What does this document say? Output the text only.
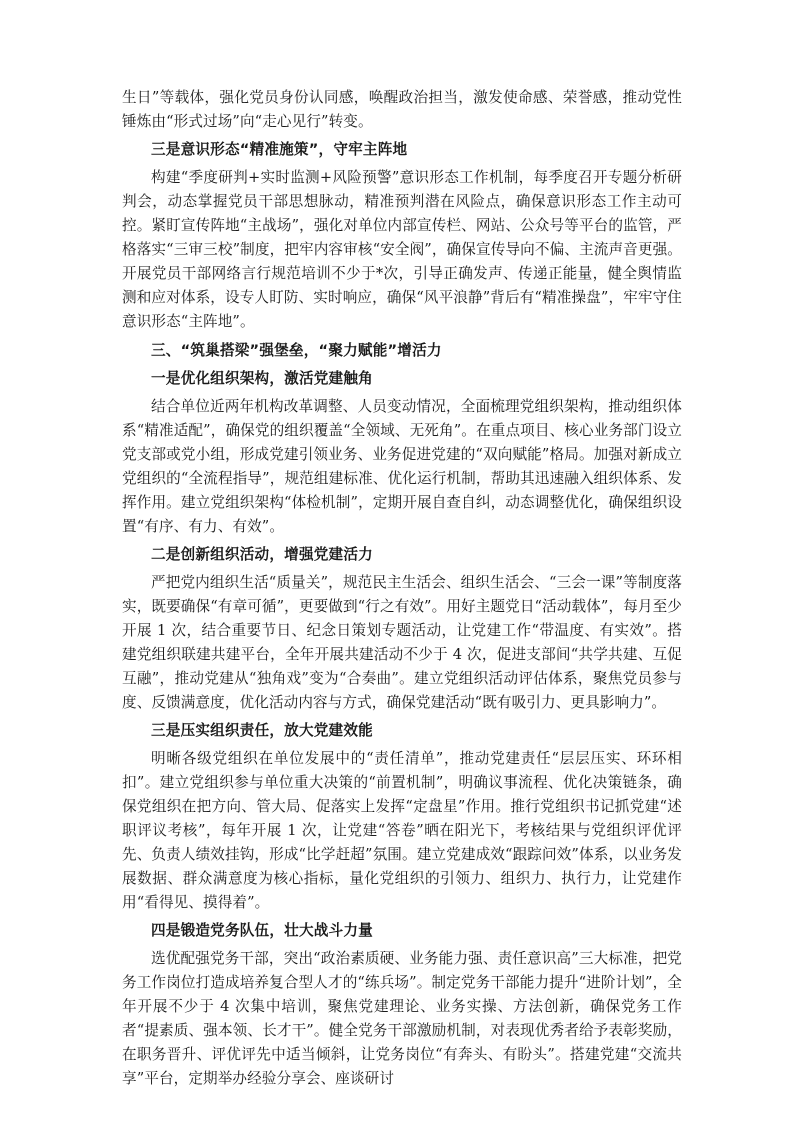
生日”等载体，强化党员身份认同感，唤醒政治担当，激发使命感、荣誉感，推动党性锤炼由“形式过场”向“走心见行”转变。

三是意识形态“精准施策”，守牢主阵地

构建“季度研判+实时监测+风险预警”意识形态工作机制，每季度召开专题分析研判会，动态掌握党员干部思想脉动，精准预判潜在风险点，确保意识形态工作主动可控。紧盯宣传阵地“主战场”，强化对单位内部宣传栏、网站、公众号等平台的监管，严格落实“三审三校”制度，把牢内容审核“安全阀”，确保宣传导向不偏、主流声音更强。开展党员干部网络言行规范培训不少于*次，引导正确发声、传递正能量，健全舆情监测和应对体系，设专人盯防、实时响应，确保“风平浪静”背后有“精准操盘”，牢牢守住意识形态“主阵地”。

三、“筑巢搭梁”强堡垒，“聚力赋能”增活力
一是优化组织架构，激活党建触角

结合单位近两年机构改革调整、人员变动情况，全面梳理党组织架构，推动组织体系“精准适配”，确保党的组织覆盖“全领域、无死角”。在重点项目、核心业务部门设立党支部或党小组，形成党建引领业务、业务促进党建的“双向赋能”格局。加强对新成立党组织的“全流程指导”，规范组建标准、优化运行机制，帮助其迅速融入组织体系、发挥作用。建立党组织架构“体检机制”，定期开展自查自纠，动态调整优化，确保组织设置“有序、有力、有效”。

二是创新组织活动，增强党建活力

严把党内组织生活“质量关”，规范民主生活会、组织生活会、“三会一课”等制度落实，既要确保“有章可循”，更要做到“行之有效”。用好主题党日“活动载体”，每月至少开展 1 次，结合重要节日、纪念日策划专题活动，让党建工作“带温度、有实效”。搭建党组织联建共建平台，全年开展共建活动不少于 4 次，促进支部间“共学共建、互促互融”，推动党建从“独角戏”变为“合奏曲”。建立党组织活动评估体系，聚焦党员参与度、反馈满意度，优化活动内容与方式，确保党建活动“既有吸引力、更具影响力”。

三是压实组织责任，放大党建效能

明晰各级党组织在单位发展中的“责任清单”，推动党建责任“层层压实、环环相扣”。建立党组织参与单位重大决策的“前置机制”，明确议事流程、优化决策链条，确保党组织在把方向、管大局、促落实上发挥“定盘星”作用。推行党组织书记抓党建“述职评议考核”，每年开展 1 次，让党建“答卷”晒在阳光下，考核结果与党组织评优评先、负责人绩效挂钩，形成“比学赶超”氛围。建立党建成效“跟踪问效”体系，以业务发展数据、群众满意度为核心指标，量化党组织的引领力、组织力、执行力，让党建作用“看得见、摸得着”。

四是锻造党务队伍，壮大战斗力量

选优配强党务干部，突出“政治素质硬、业务能力强、责任意识高”三大标准，把党务工作岗位打造成培养复合型人才的“练兵场”。制定党务干部能力提升“进阶计划”，全年开展不少于 4 次集中培训，聚焦党建理论、业务实操、方法创新，确保党务工作者“提素质、强本领、长才干”。健全党务干部激励机制，对表现优秀者给予表彰奖励，在职务晋升、评优评先中适当倾斜，让党务岗位“有奔头、有盼头”。搭建党建“交流共享”平台，定期举办经验分享会、座谈研讨
